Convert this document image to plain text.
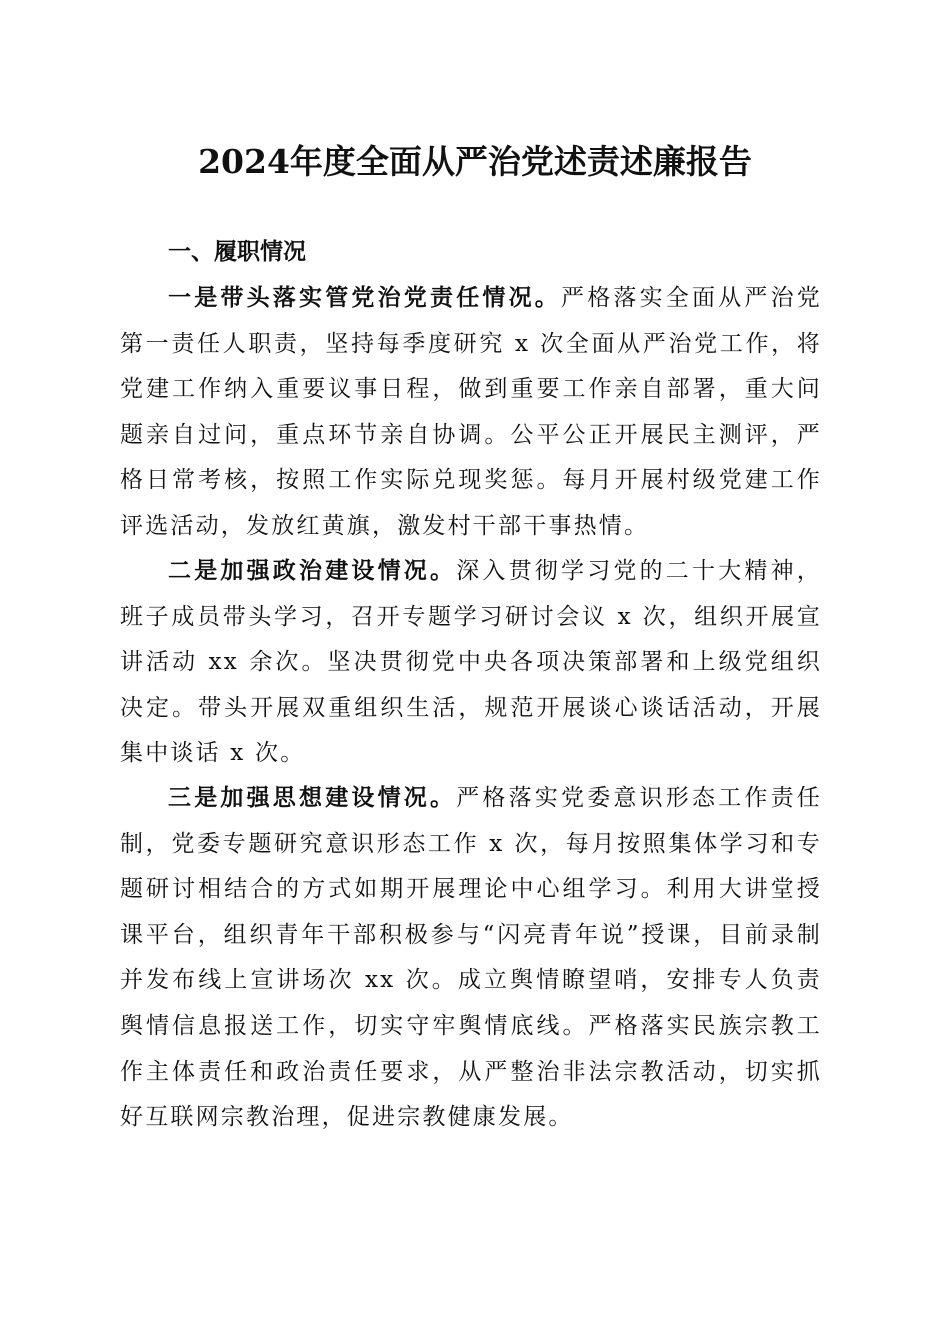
2024年度全面从严治党述责述廉报告
一、履职情况

一是带头落实管党治党责任情况。严格落实全面从严治党第一责任人职责，坚持每季度研究 x 次全面从严治党工作，将党建工作纳入重要议事日程，做到重要工作亲自部署，重大问题亲自过问，重点环节亲自协调。公平公正开展民主测评，严格日常考核，按照工作实际兑现奖惩。每月开展村级党建工作评选活动，发放红黄旗，激发村干部干事热情。

二是加强政治建设情况。深入贯彻学习党的二十大精神，班子成员带头学习，召开专题学习研讨会议 x 次，组织开展宣讲活动 xx 余次。坚决贯彻党中央各项决策部署和上级党组织决定。带头开展双重组织生活，规范开展谈心谈话活动，开展集中谈话 x 次。

三是加强思想建设情况。严格落实党委意识形态工作责任制，党委专题研究意识形态工作 x 次，每月按照集体学习和专题研讨相结合的方式如期开展理论中心组学习。利用大讲堂授课平台，组织青年干部积极参与“闪亮青年说”授课，目前录制并发布线上宣讲场次 xx 次。成立舆情瞭望哨，安排专人负责舆情信息报送工作，切实守牢舆情底线。严格落实民族宗教工作主体责任和政治责任要求，从严整治非法宗教活动，切实抓好互联网宗教治理，促进宗教健康发展。
